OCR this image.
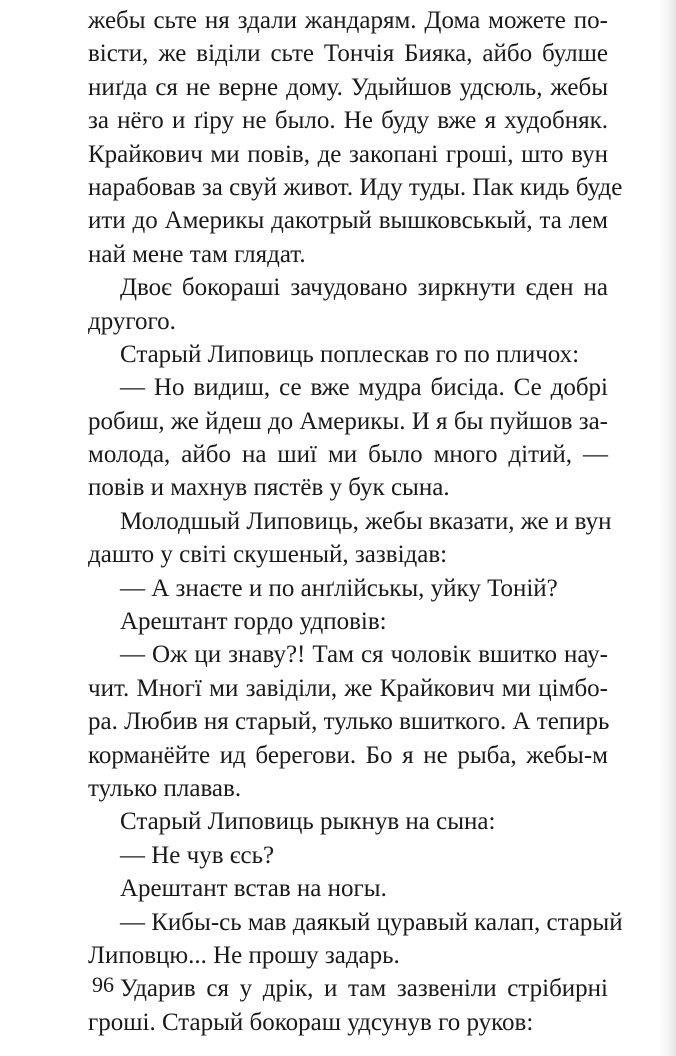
жебы сьте ня здали жандарям. Дома можете по-
вісти, же віділи сьте Тончія Бияка, айбо булше
ниґда ся не верне дому. Удыйшов удсюль, жебы
за нёго и ґіру не было. Не буду вже я худобняк.
Крайкович ми повів, де закопані гроші, што вун
нарабовав за свуй живот. Иду туды. Пак кидь буде
ити до Америкы дакотрый вышковськый, та лем
най мене там глядат.
Двоє бокораші зачудовано зиркнути єден на
другого.
Старый Липовиць поплескав го по пличох:
— Но видиш, се вже мудра бисіда. Се добрі
робиш, же йдеш до Америкы. И я бы пуйшов за-
молода, айбо на шиї ми было много дітий, —
повів и махнув пястёв у бук сына.
Молодшый Липовиць, жебы вказати, же и вун
дашто у світі скушеный, зазвідав:
— А знаєте и по анґлійськы, уйку Тоній?
Арештант гордо удповів:
— Ож ци знаву?! Там ся чоловік вшитко нау-
чит. Многї ми завіділи, же Крайкович ми цімбо-
ра. Любив ня старый, тулько вшиткого. А тепирь
корманёйте ид берегови. Бо я не рыба, жебы-м
тулько плавав.
Старый Липовиць рыкнув на сына:
— Не чув єсь?
Арештант встав на ногы.
— Кибы-сь мав даякый цуравый калап, старый
Липовцю... Не прошу задарь.
Ударив ся у дрік, и там зазвеніли стрібирні
гроші. Старый бокораш удсунув го руков:
96
